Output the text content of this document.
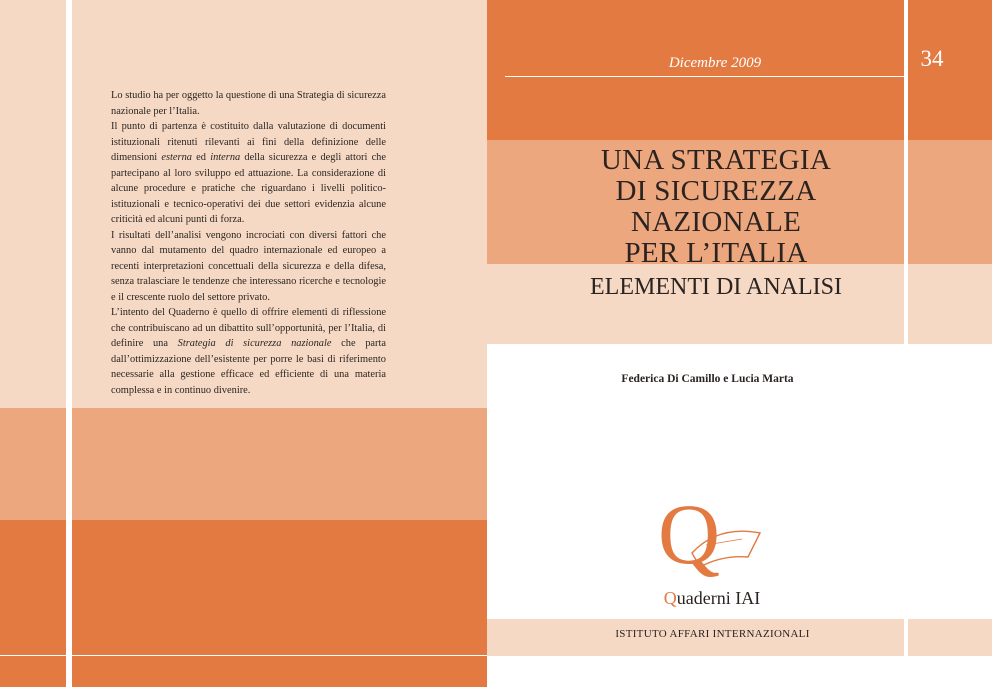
Lo studio ha per oggetto la questione di una Strategia di sicurezza nazionale per l’Italia.

Il punto di partenza è costituito dalla valutazione di documenti istituzionali ritenuti rilevanti ai fini della definizione delle dimensioni esterna ed interna della sicurezza e degli attori che partecipano al loro sviluppo ed attuazione. La considerazione di alcune procedure e pratiche che riguardano i livelli politico-istituzionali e tecnico-operativi dei due settori evidenzia alcune criticità ed alcuni punti di forza.

I risultati dell’analisi vengono incrociati con diversi fattori che vanno dal mutamento del quadro internazionale ed europeo a recenti interpretazioni concettuali della sicurezza e della difesa, senza tralasciare le tendenze che interessano ricerche e tecnologie e il crescente ruolo del settore privato.

L’intento del Quaderno è quello di offrire elementi di riflessione che contribuiscano ad un dibattito sull’opportunità, per l’Italia, di definire una Strategia di sicurezza nazionale che parta dall’ottimizzazione dell’esistente per porre le basi di riferimento necessarie alla gestione efficace ed efficiente di una materia complessa e in continuo divenire.

Dicembre 2009	34
UNA STRATEGIA
DI SICUREZZA
NAZIONALE
PER L’ITALIA
ELEMENTI DI ANALISI
Federica Di Camillo e Lucia Marta
Q
Quaderni IAI
ISTITUTO AFFARI INTERNAZIONALI
